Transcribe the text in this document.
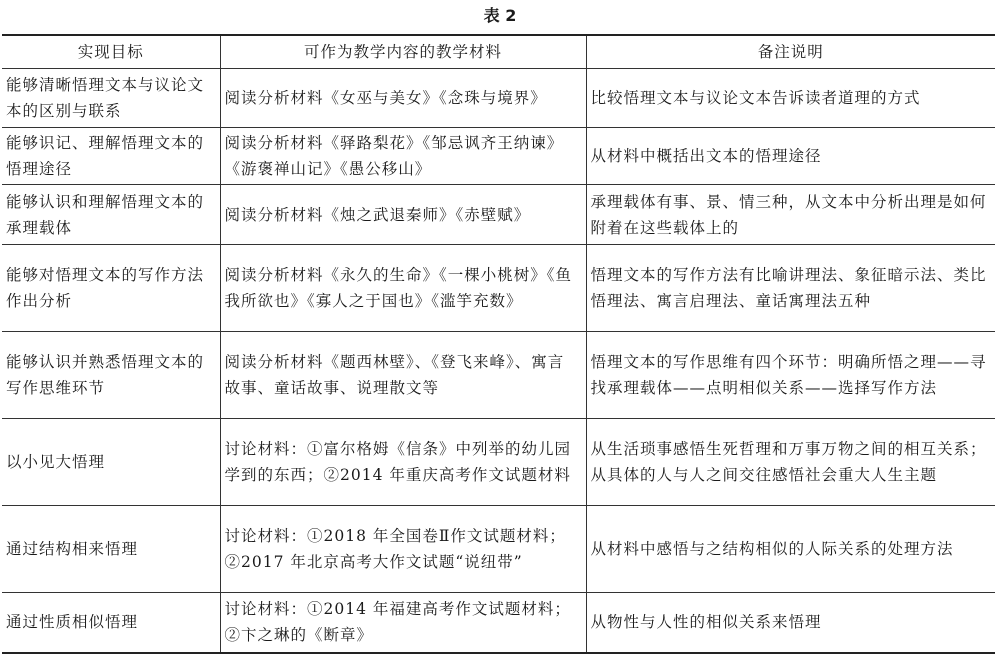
表 2
实现目标	可作为教学内容的教学材料	备注说明
能够清晰悟理文本与议论文本的区别与联系	阅读分析材料《女巫与美女》《念珠与境界》	比较悟理文本与议论文本告诉读者道理的方式
能够识记、理解悟理文本的悟理途径	阅读分析材料《驿路梨花》《邹忌讽齐王纳谏》《游褒禅山记》《愚公移山》	从材料中概括出文本的悟理途径
能够认识和理解悟理文本的承理载体	阅读分析材料《烛之武退秦师》《赤壁赋》	承理载体有事、景、情三种，从文本中分析出理是如何附着在这些载体上的
能够对悟理文本的写作方法作出分析	阅读分析材料《永久的生命》《一棵小桃树》《鱼我所欲也》《寡人之于国也》《滥竽充数》	悟理文本的写作方法有比喻讲理法、象征暗示法、类比悟理法、寓言启理法、童话寓理法五种
能够认识并熟悉悟理文本的写作思维环节	阅读分析材料《题西林壁》、《登飞来峰》、寓言故事、童话故事、说理散文等	悟理文本的写作思维有四个环节：明确所悟之理——寻找承理载体——点明相似关系——选择写作方法
以小见大悟理	讨论材料：①富尔格姆《信条》中列举的幼儿园学到的东西；②2014 年重庆高考作文试题材料	从生活琐事感悟生死哲理和万事万物之间的相互关系；从具体的人与人之间交往感悟社会重大人生主题
通过结构相来悟理	讨论材料：①2018 年全国卷Ⅱ作文试题材料；②2017 年北京高考大作文试题“说纽带”	从材料中感悟与之结构相似的人际关系的处理方法
通过性质相似悟理	讨论材料：①2014 年福建高考作文试题材料；②卞之琳的《断章》	从物性与人性的相似关系来悟理
